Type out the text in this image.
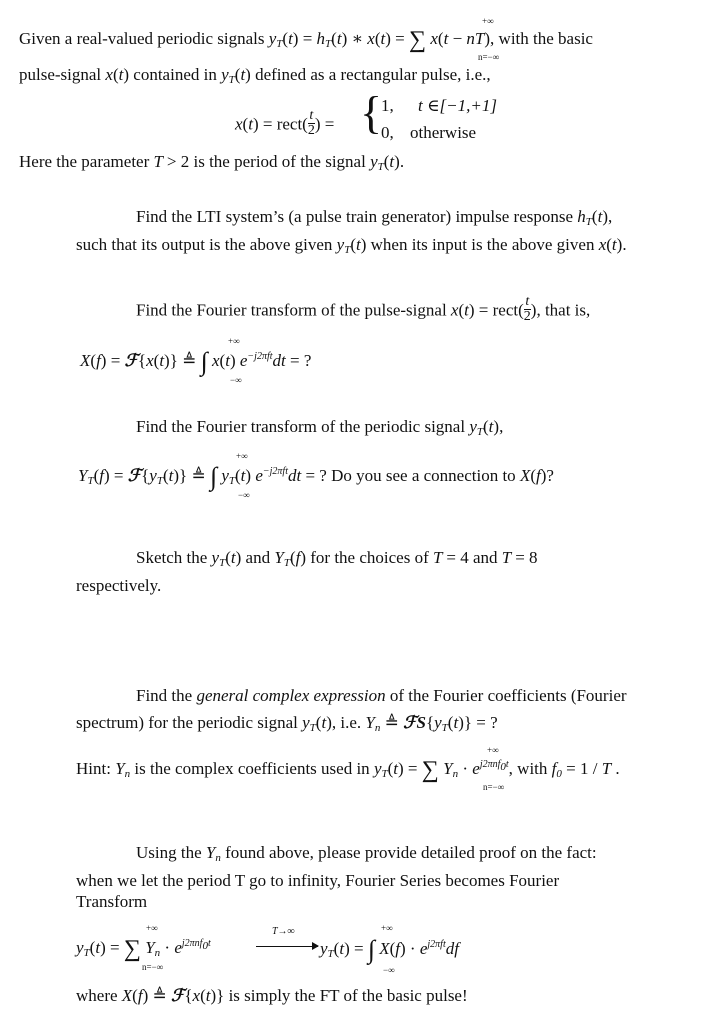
Given a real-valued periodic signals $y_T(t) = h_T(t)$ ∗ x(t) = ∑ x(t − nT), with the basic
+∞
n=−∞
pulse-signal x(t) contained in $y_T(t)$ defined as a rectangular pulse, i.e.,
x(t) = rect( $\frac{t}{2}$ ) = {
1, t ∈[−1,+1]
0, otherwise
Here the parameter T > 2 is the period of the signal $y_T(t)$.
Find the LTI system’s (a pulse train generator) impulse response $h_T(t)$,
such that its output is the above given $y_T(t)$ when its input is the above given x(t).
Find the Fourier transform of the pulse-signal x(t) = rect( $\frac{t}{2}$ ), that is,
X(f) = ℱ{x(t)} ≜ ∫ x(t) $e^{-j2\pi ft}dt$ = ?
+∞
−∞
Find the Fourier transform of the periodic signal $y_T(t)$,
$Y_T(f)$ = $ℱ\{y_T(t)\}$ ≜ ∫ $y_T(t) e^{-j2\pi ft}dt$ = ? Do you see a connection to X(f)?
+∞
−∞
Sketch the $y_T(t)$ and $Y_T(f)$ for the choices of T = 4 and T = 8
respectively.
Find the general complex expression of the Fourier coefficients (Fourier
spectrum) for the periodic signal $y_T(t)$, i.e. $Y_n$ ≜ $ℱS\{y_T(t)\}$ = ?
Hint: $Y_n$ is the complex coefficients used in $y_T(t)$ = ∑ $Y_n \cdot e^{j2\pi nf_0t}$, with $f_0 = 1 / T$ .
+∞
n=−∞
Using the $Y_n$ found above, please provide detailed proof on the fact:
when we let the period T go to infinity, Fourier Series becomes Fourier
Transform
$y_T(t)$ = ∑ $Y_n \cdot e^{j2\pi nf_0t}$
+∞
n=−∞
T→∞
$y_T(t)$ = ∫ $X(f) \cdot e^{j2\pi ft}df$
+∞
−∞
where X(f) ≜ ℱ{x(t)} is simply the FT of the basic pulse!
